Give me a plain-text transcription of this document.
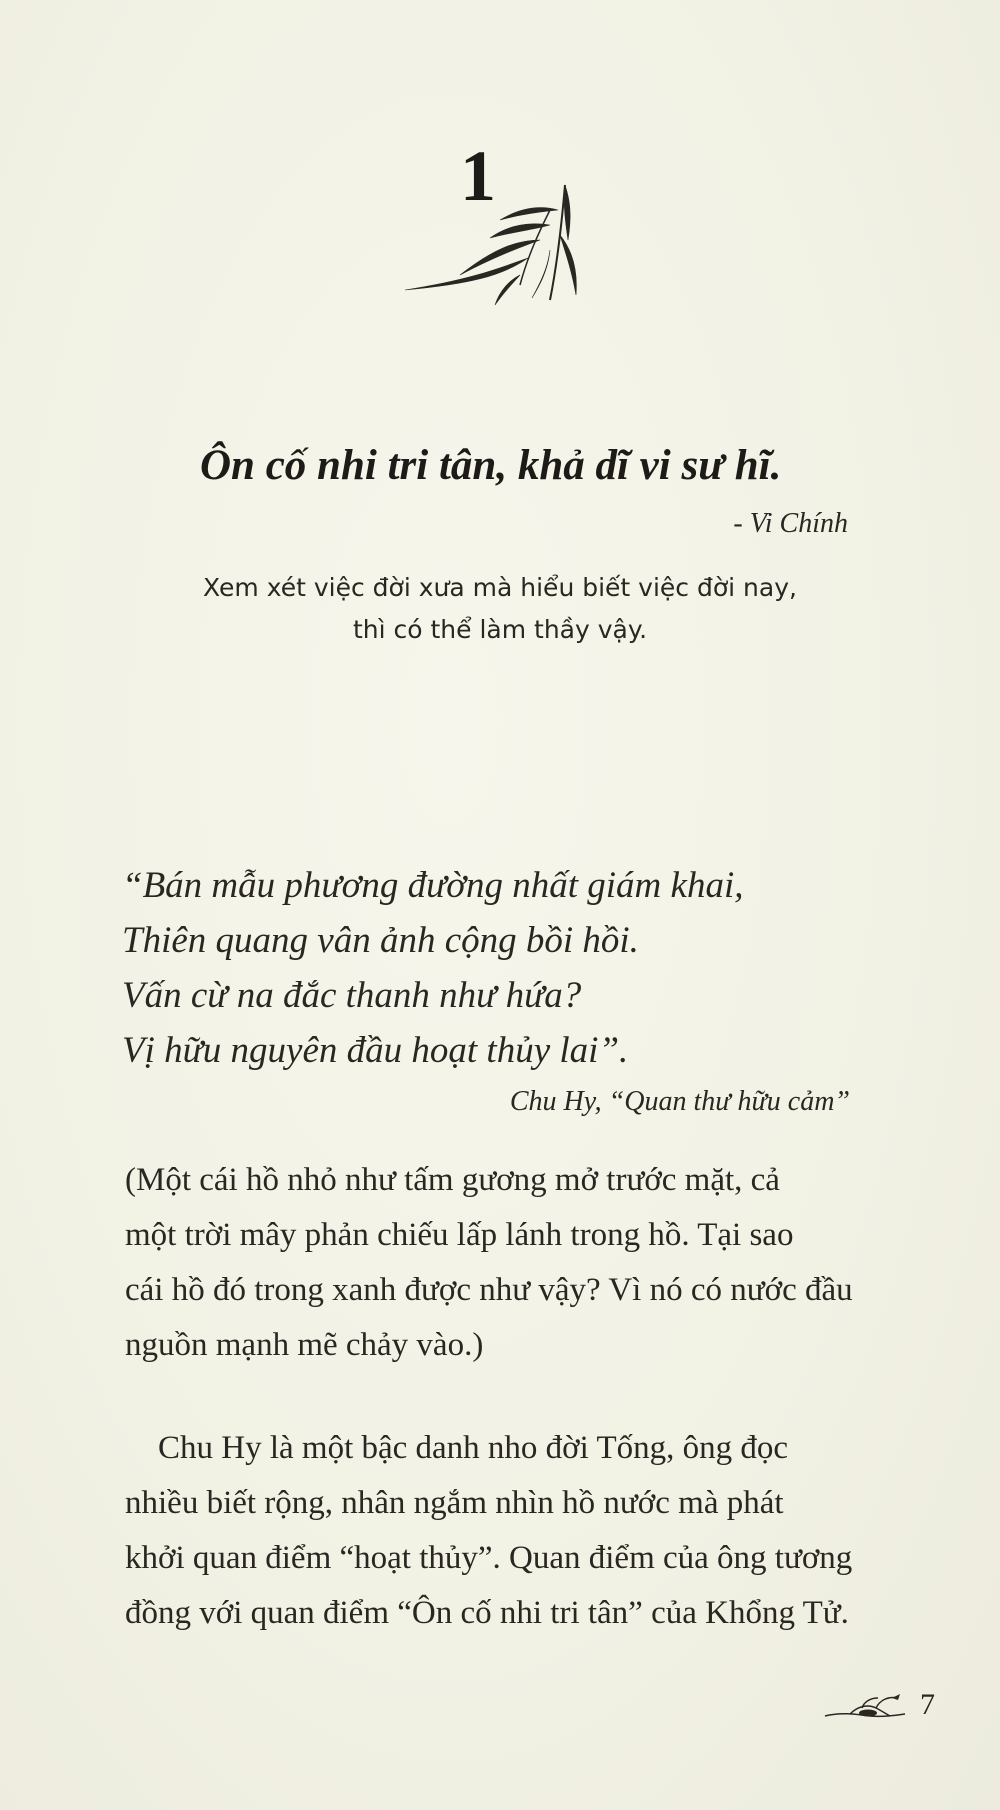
1
Ôn cố nhi tri tân, khả dĩ vi sư hĩ.
- Vi Chính
Xem xét việc đời xưa mà hiểu biết việc đời nay,
thì có thể làm thầy vậy.
“Bán mẫu phương đường nhất giám khai,
Thiên quang vân ảnh cộng bồi hồi.
Vấn cừ na đắc thanh như hứa?
Vị hữu nguyên đầu hoạt thủy lai”.
Chu Hy, “Quan thư hữu cảm”
(Một cái hồ nhỏ như tấm gương mở trước mặt, cả
một trời mây phản chiếu lấp lánh trong hồ. Tại sao
cái hồ đó trong xanh được như vậy? Vì nó có nước đầu
nguồn mạnh mẽ chảy vào.)
Chu Hy là một bậc danh nho đời Tống, ông đọc
nhiều biết rộng, nhân ngắm nhìn hồ nước mà phát
khởi quan điểm “hoạt thủy”. Quan điểm của ông tương
đồng với quan điểm “Ôn cố nhi tri tân” của Khổng Tử.
7
